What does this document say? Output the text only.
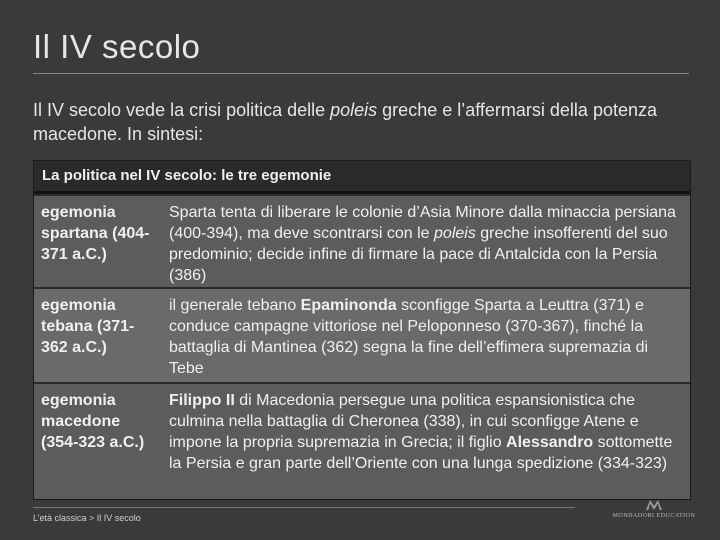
Il IV secolo
Il IV secolo vede la crisi politica delle poleis greche e l’affermarsi della potenza macedone. In sintesi:
La politica nel IV secolo: le tre egemonie
egemonia spartana (404-371 a.C.)
Sparta tenta di liberare le colonie d’Asia Minore dalla minaccia persiana (400-394), ma deve scontrarsi con le poleis greche insofferenti del suo predominio; decide infine di firmare la pace di Antalcida con la Persia (386)
egemonia tebana (371-362 a.C.)
il generale tebano Epaminonda sconfigge Sparta a Leuttra (371) e conduce campagne vittoriose nel Peloponneso (370-367), finché la battaglia di Mantinea (362) segna la fine dell’effimera supremazia di Tebe
egemonia macedone (354-323 a.C.)
Filippo II di Macedonia persegue una politica espansionistica che culmina nella battaglia di Cheronea (338), in cui sconfigge Atene e impone la propria supremazia in Grecia; il figlio Alessandro sottomette la Persia e gran parte dell’Oriente con una lunga spedizione (334-323)
L’età classica > Il IV secolo	MONDADORI EDUCATION
